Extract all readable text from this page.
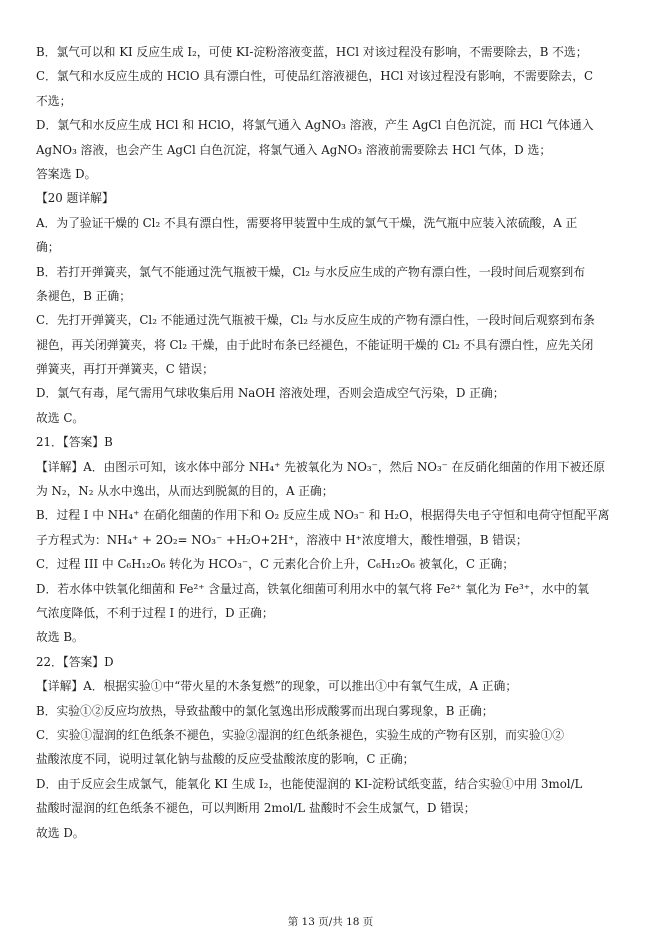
B．氯气可以和 KI 反应生成 I₂，可使 KI-淀粉溶液变蓝，HCl 对该过程没有影响，不需要除去，B 不选；
C．氯气和水反应生成的 HClO 具有漂白性，可使品红溶液褪色，HCl 对该过程没有影响，不需要除去，C
不选；
D．氯气和水反应生成 HCl 和 HClO，将氯气通入 AgNO₃ 溶液，产生 AgCl 白色沉淀，而 HCl 气体通入
AgNO₃ 溶液，也会产生 AgCl 白色沉淀，将氯气通入 AgNO₃ 溶液前需要除去 HCl 气体，D 选；
答案选 D。
【20 题详解】
A．为了验证干燥的 Cl₂ 不具有漂白性，需要将甲装置中生成的氯气干燥，洗气瓶中应装入浓硫酸，A 正
确；
B．若打开弹簧夹，氯气不能通过洗气瓶被干燥，Cl₂ 与水反应生成的产物有漂白性，一段时间后观察到布
条褪色，B 正确；
C．先打开弹簧夹，Cl₂ 不能通过洗气瓶被干燥，Cl₂ 与水反应生成的产物有漂白性，一段时间后观察到布条
褪色，再关闭弹簧夹，将 Cl₂ 干燥，由于此时布条已经褪色，不能证明干燥的 Cl₂ 不具有漂白性，应先关闭
弹簧夹，再打开弹簧夹，C 错误；
D．氯气有毒，尾气需用气球收集后用 NaOH 溶液处理，否则会造成空气污染，D 正确；
故选 C。
21．【答案】B
【详解】A．由图示可知，该水体中部分 NH₄⁺ 先被氧化为 NO₃⁻，然后 NO₃⁻ 在反硝化细菌的作用下被还原
为 N₂，N₂ 从水中逸出，从而达到脱氮的目的，A 正确；
B．过程 I 中 NH₄⁺ 在硝化细菌的作用下和 O₂ 反应生成 NO₃⁻ 和 H₂O，根据得失电子守恒和电荷守恒配平离
子方程式为：NH₄⁺ + 2O₂= NO₃⁻ +H₂O+2H⁺，溶液中 H⁺浓度增大，酸性增强，B 错误；
C．过程 III 中 C₆H₁₂O₆ 转化为 HCO₃⁻，C 元素化合价上升，C₆H₁₂O₆ 被氧化，C 正确；
D．若水体中铁氧化细菌和 Fe²⁺ 含量过高，铁氧化细菌可利用水中的氧气将 Fe²⁺ 氧化为 Fe³⁺，水中的氧
气浓度降低，不利于过程 I 的进行，D 正确；
故选 B。
22．【答案】D
【详解】A．根据实验①中“带火星的木条复燃”的现象，可以推出①中有氧气生成，A 正确；
B．实验①②反应均放热，导致盐酸中的氯化氢逸出形成酸雾而出现白雾现象，B 正确；
C．实验①湿润的红色纸条不褪色，实验②湿润的红色纸条褪色，实验生成的产物有区别，而实验①②
盐酸浓度不同，说明过氧化钠与盐酸的反应受盐酸浓度的影响，C 正确；
D．由于反应会生成氯气，能氧化 KI 生成 I₂，也能使湿润的 KI-淀粉试纸变蓝，结合实验①中用 3mol/L
盐酸时湿润的红色纸条不褪色，可以判断用 2mol/L 盐酸时不会生成氯气，D 错误；
故选 D。
第 13 页/共 18 页
